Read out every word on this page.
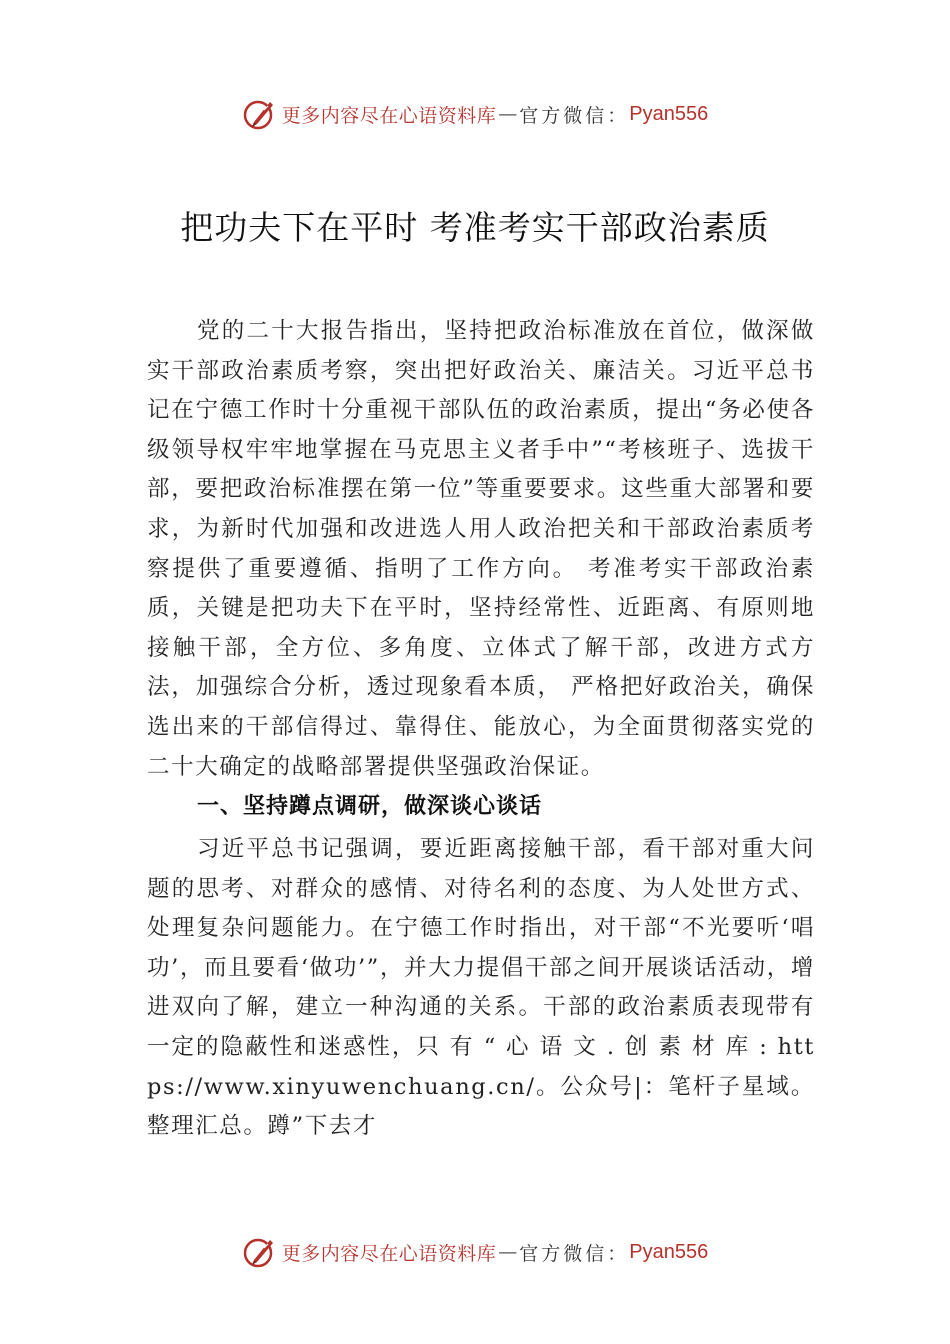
更多内容尽在心语资料库 — 官方微信： Pyan556
把功夫下在平时 考准考实干部政治素质
党的二十大报告指出，坚持把政治标准放在首位，做深做实干部政治素质考察，突出把好政治关、廉洁关。习近平总书记在宁德工作时十分重视干部队伍的政治素质，提出“务必使各级领导权牢牢地掌握在马克思主义者手中”“考核班子、选拔干部，要把政治标准摆在第一位”等重要要求。这些重大部署和要求，为新时代加强和改进选人用人政治把关和干部政治素质考察提供了重要遵循、指明了工作方向。 考准考实干部政治素质，关键是把功夫下在平时，坚持经常性、近距离、有原则地接触干部，全方位、多角度、立体式了解干部，改进方式方法，加强综合分析，透过现象看本质， 严格把好政治关，确保选出来的干部信得过、靠得住、能放心，为全面贯彻落实党的二十大确定的战略部署提供坚强政治保证。
一、坚持蹲点调研，做深谈心谈话
习近平总书记强调，要近距离接触干部，看干部对重大问题的思考、对群众的感情、对待名利的态度、为人处世方式、处理复杂问题能力。在宁德工作时指出，对干部“不光要听‘唱功’，而且要看‘做功’”，并大力提倡干部之间开展谈话活动，增进双向了解，建立一种沟通的关系。干部的政治素质表现带有一定的隐蔽性和迷惑性，只 有 “ 心 语 文 . 创 素 材 库 : https://www.xinyuwenchuang.cn/。公众号|：笔杆子星域。整理汇总。蹲”下去才
更多内容尽在心语资料库 — 官方微信： Pyan556
